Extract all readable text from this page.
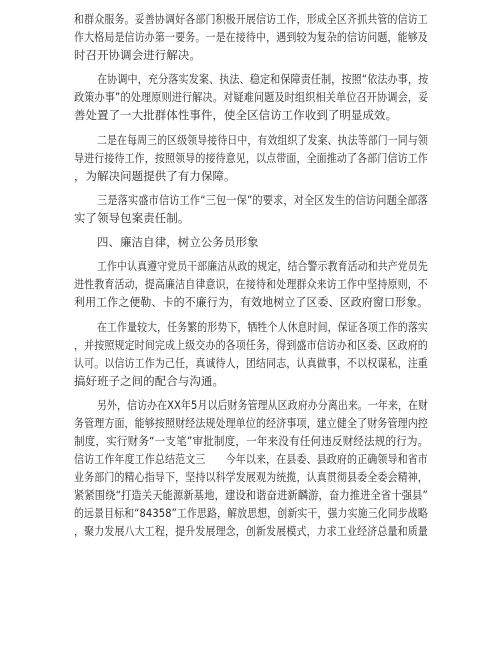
和群众服务。妥善协调好各部门积极开展信访工作，形成全区齐抓共管的信访工
作大格局是信访办第一要务。一是在接待中，遇到较为复杂的信访问题，能够及
时召开协调会进行解决。
在协调中，充分落实发案、执法、稳定和保障责任制，按照“依法办事，按
政策办事”的处理原则进行解决。对疑难问题及时组织相关单位召开协调会，妥
善处置了一大批群体性事件，使全区信访工作收到了明显成效。
二是在每周三的区级领导接待日中，有效组织了发案、执法等部门一同与领
导进行接待工作，按照领导的接待意见，以点带面，全面推动了各部门信访工作
，为解决问题提供了有力保障。
三是落实盛市信访工作“三包一保”的要求，对全区发生的信访问题全部落
实了领导包案责任制。
四、廉洁自律，树立公务员形象
工作中认真遵守党员干部廉洁从政的规定，结合警示教育活动和共产党员先
进性教育活动，提高廉洁自律意识，在接待和处理群众来访工作中坚持原则，不
利用工作之便勒、卡的不廉行为，有效地树立了区委、区政府窗口形象。
在工作量较大，任务繁的形势下，牺牲个人休息时间，保证各项工作的落实
，并按照规定时间完成上级交办的各项任务，得到盛市信访办和区委、区政府的
认可。以信访工作为己任，真诚待人，团结同志，认真做事，不以权谋私，注重
搞好班子之间的配合与沟通。
另外，信访办在XX年5月以后财务管理从区政府办分离出来。一年来，在财
务管理方面，能够按照财经法规处理单位的经济事项，建立健全了财务管理内控
制度，实行财务“一支笔”审批制度，一年来没有任何违反财经法规的行为。
信访工作年度工作总结范文三　　今年以来，在县委、县政府的正确领导和省市
业务部门的精心指导下，坚持以科学发展观为统揽，认真贯彻县委全委会精神，
紧紧围绕“打造关天能源新基地，建设和谐奋进新麟游，奋力推进全省十强县”
的远景目标和“84358”工作思路，解放思想，创新实干，强力实施三化同步战略
，聚力发展八大工程，提升发展理念，创新发展模式，力求工业经济总量和质量
